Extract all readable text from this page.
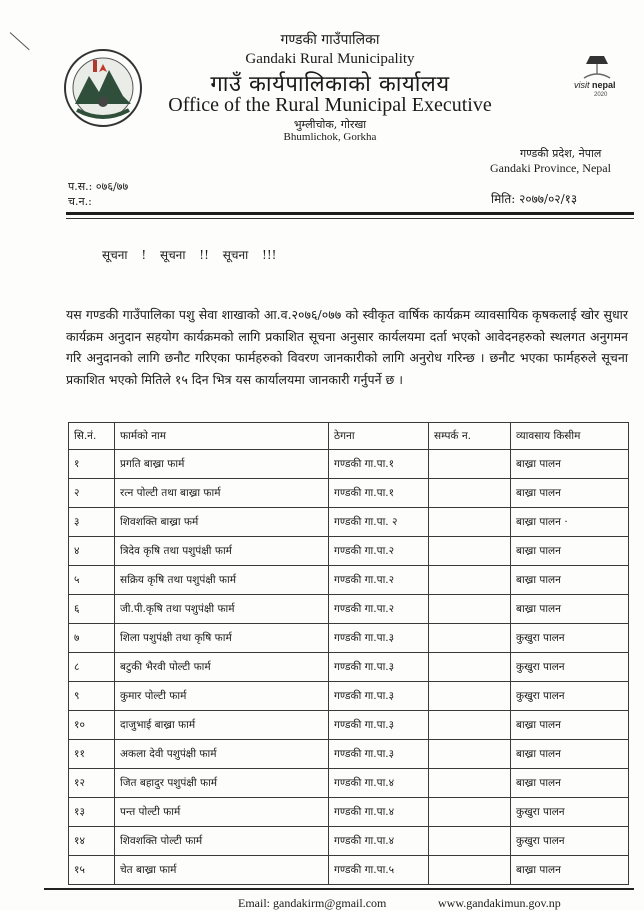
गण्डकी गाउँपालिका
Gandaki Rural Municipality
गाउँ कार्यपालिकाको कार्यालय
Office of the Rural Municipal Executive
भुम्लीचोक, गोरखा
Bhumlichok, Gorkha
visit nepal
2020
गण्डकी प्रदेश, नेपाल
Gandaki Province, Nepal
प.स.: ०७६/७७
च.न.:	मिति: २०७७/०२/१३
सूचना ! सूचना !! सूचना !!!
यस गण्डकी गाउँपालिका पशु सेवा शाखाको आ.व.२०७६/०७७ को स्वीकृत वार्षिक कार्यक्रम व्यावसायिक कृषकलाई खोर सुधार कार्यक्रम अनुदान सहयोग कार्यक्रमको लागि प्रकाशित सूचना अनुसार कार्यलयमा दर्ता भएको आवेदनहरुको स्थलगत अनुगमन गरि अनुदानको लागि छनौट गरिएका फार्महरुको विवरण जानकारीको लागि अनुरोध गरिन्छ । छनौट भएका फार्महरुले सूचना प्रकाशित भएको मितिले १५ दिन भित्र यस कार्यालयमा जानकारी गर्नुपर्ने छ ।
सि.नं.	फार्मको नाम	ठेगना	सम्पर्क न.	व्यावसाय किसीम
१	प्रगति बाख्रा फार्म	गण्डकी गा.पा.१		बाख्रा पालन
२	रत्न पोल्टी तथा बाख्रा फार्म	गण्डकी गा.पा.१		बाख्रा पालन
३	शिवशक्ति बाख्रा फर्म	गण्डकी गा.पा. २		बाख्रा पालन ·
४	त्रिदेव कृषि तथा पशुपंक्षी फार्म	गण्डकी गा.पा.२		बाख्रा पालन
५	सक्रिय कृषि तथा पशुपंक्षी फार्म	गण्डकी गा.पा.२		बाख्रा पालन
६	जी.पी.कृषि तथा पशुपंक्षी फार्म	गण्डकी गा.पा.२		बाख्रा पालन
७	शिला पशुपंक्षी तथा कृषि फार्म	गण्डकी गा.पा.३		कुखुरा पालन
८	बटुकी भैरवी पोल्टी फार्म	गण्डकी गा.पा.३		कुखुरा पालन
९	कुमार पोल्टी फार्म	गण्डकी गा.पा.३		कुखुरा पालन
१०	दाजुभाई बाख्रा फार्म	गण्डकी गा.पा.३		बाख्रा पालन
११	अकला देवी पशुपंक्षी फार्म	गण्डकी गा.पा.३		बाख्रा पालन
१२	जित बहादुर पशुपंक्षी फार्म	गण्डकी गा.पा.४		बाख्रा पालन
१३	पन्त पोल्टी फार्म	गण्डकी गा.पा.४		कुखुरा पालन
१४	शिवशक्ति पोल्टी फार्म	गण्डकी गा.पा.४		कुखुरा पालन
१५	चेत बाख्रा फार्म	गण्डकी गा.पा.५		बाख्रा पालन
Email: gandakirm@gmail.com	www.gandakimun.gov.np
